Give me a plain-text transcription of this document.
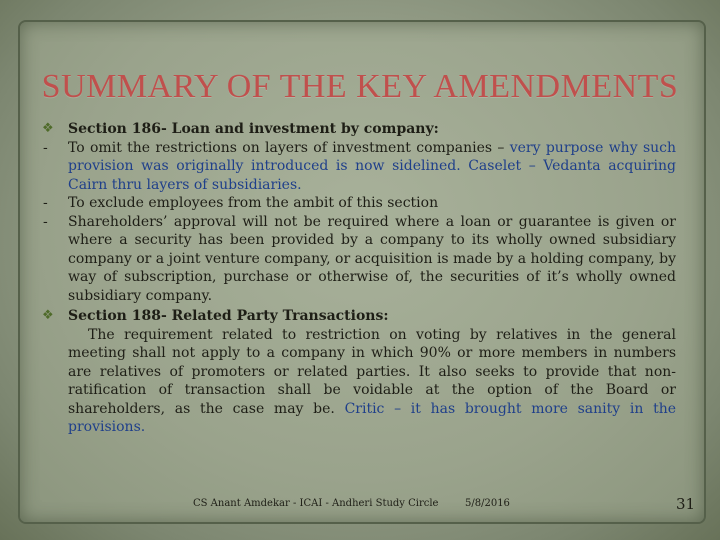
SUMMARY OF THE KEY AMENDMENTS
❖	Section 186- Loan and investment by company:
-	To omit the restrictions on layers of investment companies – very purpose why such provision was originally introduced is now sidelined. Caselet – Vedanta acquiring Cairn thru layers of subsidiaries.
-	To exclude employees from the ambit of this section
-	Shareholders’ approval will not be required where a loan or guarantee is given or where a security has been provided by a company to its wholly owned subsidiary company or a joint venture company, or acquisition is made by a holding company, by way of subscription, purchase or otherwise of, the securities of it’s wholly owned subsidiary company.
❖	Section 188- Related Party Transactions:
The requirement related to restriction on voting by relatives in the general meeting shall not apply to a company in which 90% or more members in numbers are relatives of promoters or related parties. It also seeks to provide that non- ratification of transaction shall be voidable at the option of the Board or shareholders, as the case may be. Critic – it has brought more sanity in the provisions.
CS Anant Amdekar - ICAI - Andheri Study Circle	5/8/2016	31
